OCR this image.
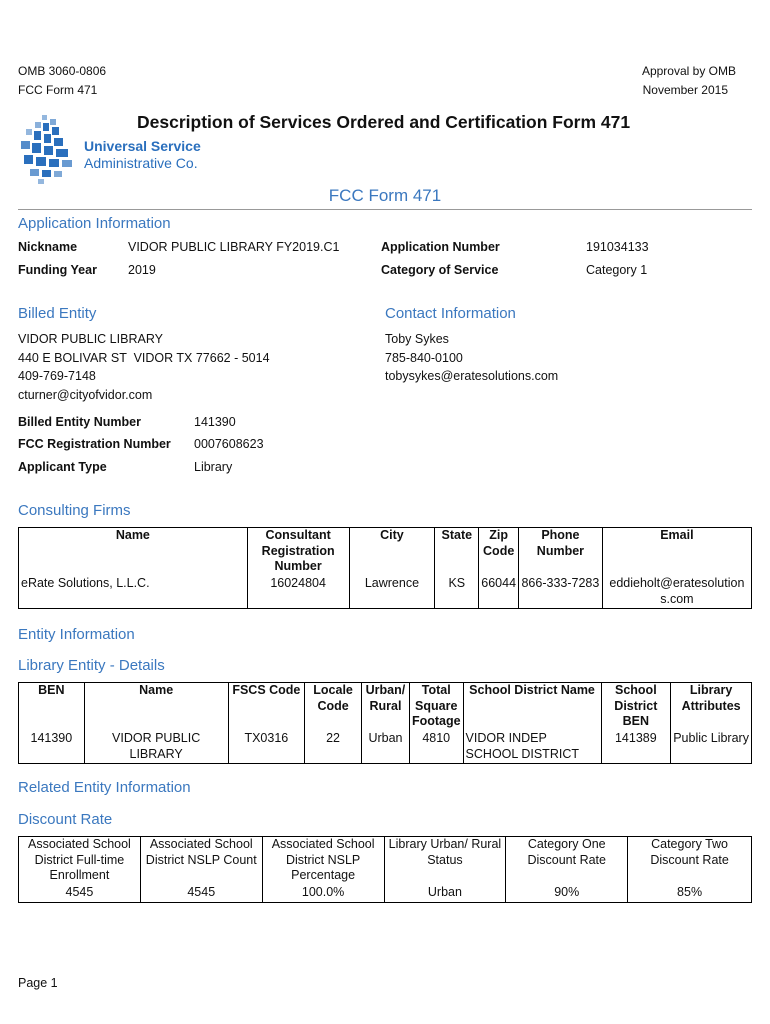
OMB 3060-0806
FCC Form 471
Approval by OMB
November 2015
Universal Service
Administrative Co.
Description of Services Ordered and Certification Form 471
FCC Form 471
Application Information
Nickname	VIDOR PUBLIC LIBRARY FY2019.C1	Application Number	191034133
Funding Year 2019	Category of Service	Category 1
Billed Entity
VIDOR PUBLIC LIBRARY
440 E BOLIVAR ST  VIDOR TX 77662 - 5014
409-769-7148
cturner@cityofvidor.com
Contact Information
Toby Sykes
785-840-0100
tobysykes@eratesolutions.com
Billed Entity Number	141390
FCC Registration Number 0007608623
Applicant Type	Library
Consulting Firms
Name	Consultant Registration Number	City	State	Zip Code	Phone Number	Email
eRate Solutions, L.L.C.	16024804	Lawrence	KS	66044	866-333-7283	eddieholt@eratesolutions.com
Entity Information
Library Entity - Details
BEN	Name	FSCS Code	Locale Code	Urban/ Rural	Total Square Footage	School District Name	School District BEN	Library Attributes
141390	VIDOR PUBLIC LIBRARY	TX0316	22	Urban	4810	VIDOR INDEP SCHOOL DISTRICT	141389	Public Library
Related Entity Information
Discount Rate
Associated School District Full-time Enrollment	Associated School District NSLP Count	Associated School District NSLP Percentage	Library Urban/ Rural Status	Category One Discount Rate	Category Two Discount Rate
4545	4545	100.0%	Urban	90%	85%
Page 1
